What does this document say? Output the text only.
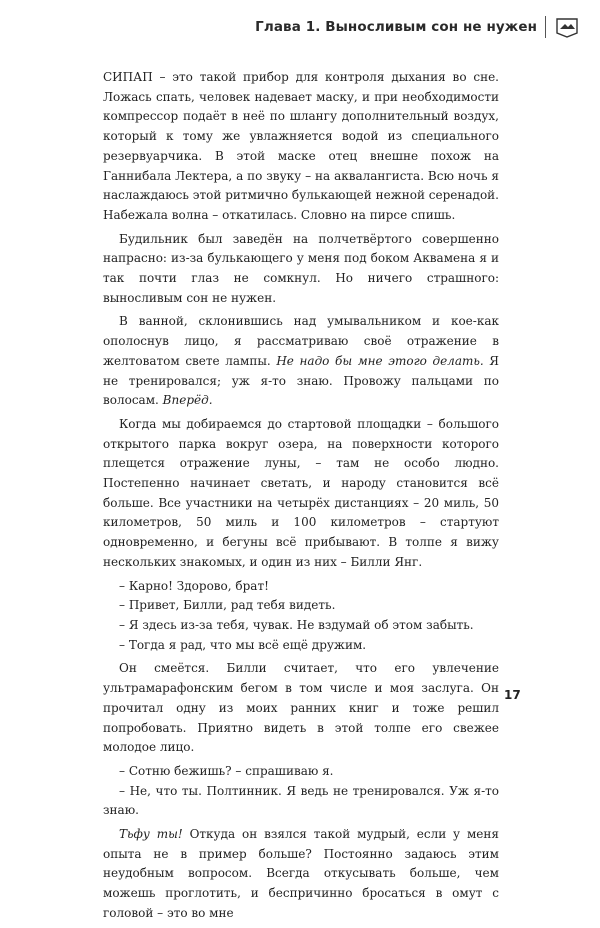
Глава 1. Выносливым сон не нужен

СИПАП – это такой прибор для контроля дыхания во сне. Ложась спать, человек надевает маску, и при необходимости компрессор подаёт в неё по шлангу дополнительный воздух, который к тому же увлажняется водой из специального резервуарчика. В этой маске отец внешне похож на Ганнибала Лектера, а по звуку – на аквалангиста. Всю ночь я наслаждаюсь этой ритмично булькающей нежной серенадой. Набежала волна – откатилась. Словно на пирсе спишь.

Будильник был заведён на полчетвёртого совершенно напрасно: из-за булькающего у меня под боком Аквамена я и так почти глаз не сомкнул. Но ничего страшного: выносливым сон не нужен.

В ванной, склонившись над умывальником и кое-как ополоснув лицо, я рассматриваю своё отражение в желтоватом свете лампы. Не надо бы мне этого делать. Я не тренировался; уж я-то знаю. Провожу пальцами по волосам. Вперёд.

Когда мы добираемся до стартовой площадки – большого открытого парка вокруг озера, на поверхности которого плещется отражение луны, – там не особо людно. Постепенно начинает светать, и народу становится всё больше. Все участники на четырёх дистанциях – 20 миль, 50 километров, 50 миль и 100 километров – стартуют одновременно, и бегуны всё прибывают. В толпе я вижу нескольких знакомых, и один из них – Билли Янг.

– Карно! Здорово, брат!

– Привет, Билли, рад тебя видеть.

– Я здесь из-за тебя, чувак. Не вздумай об этом забыть.

– Тогда я рад, что мы всё ещё дружим.

Он смеётся. Билли считает, что его увлечение ультрамарафонским бегом в том числе и моя заслуга. Он прочитал одну из моих ранних книг и тоже решил попробовать. Приятно видеть в этой толпе его свежее молодое лицо.

– Сотню бежишь? – спрашиваю я.

– Не, что ты. Полтинник. Я ведь не тренировался. Уж я-то знаю.

Тьфу ты! Откуда он взялся такой мудрый, если у меня опыта не в пример больше? Постоянно задаюсь этим неудобным вопросом. Всегда откусывать больше, чем можешь проглотить, и беспричинно бросаться в омут с головой – это во мне

17
